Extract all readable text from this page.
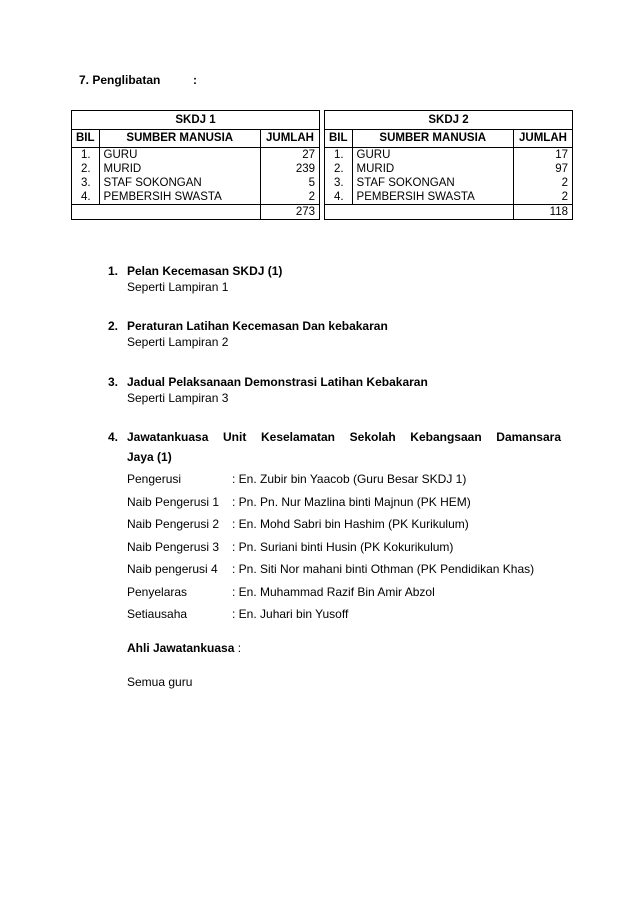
7. Penglibatan	:
SKDJ 1		
BIL	SUMBER MANUSIA	JUMLAH
1.	GURU	27
2.	MURID	239
3.	STAF SOKONGAN	5
4.	PEMBERSIH SWASTA	2
		273
SKDJ 2		
BIL	SUMBER MANUSIA	JUMLAH
1.	GURU	17
2.	MURID	97
3.	STAF SOKONGAN	2
4.	PEMBERSIH SWASTA	2
		118
1. Pelan Kecemasan SKDJ (1)
Seperti Lampiran 1
2. Peraturan Latihan Kecemasan Dan kebakaran
Seperti Lampiran 2
3. Jadual Pelaksanaan Demonstrasi Latihan Kebakaran
Seperti Lampiran 3
4. Jawatankuasa Unit Keselamatan Sekolah Kebangsaan Damansara
Jaya (1)
Pengerusi	: En. Zubir bin Yaacob (Guru Besar SKDJ 1)
Naib Pengerusi 1 : Pn. Pn. Nur Mazlina binti Majnun (PK HEM)
Naib Pengerusi 2 : En. Mohd Sabri bin Hashim (PK Kurikulum)
Naib Pengerusi 3 : Pn. Suriani binti Husin (PK Kokurikulum)
Naib pengerusi 4 : Pn. Siti Nor mahani binti Othman (PK Pendidikan Khas)
Penyelaras	: En. Muhammad Razif Bin Amir Abzol
Setiausaha	: En. Juhari bin Yusoff
Ahli Jawatankuasa :
Semua guru
